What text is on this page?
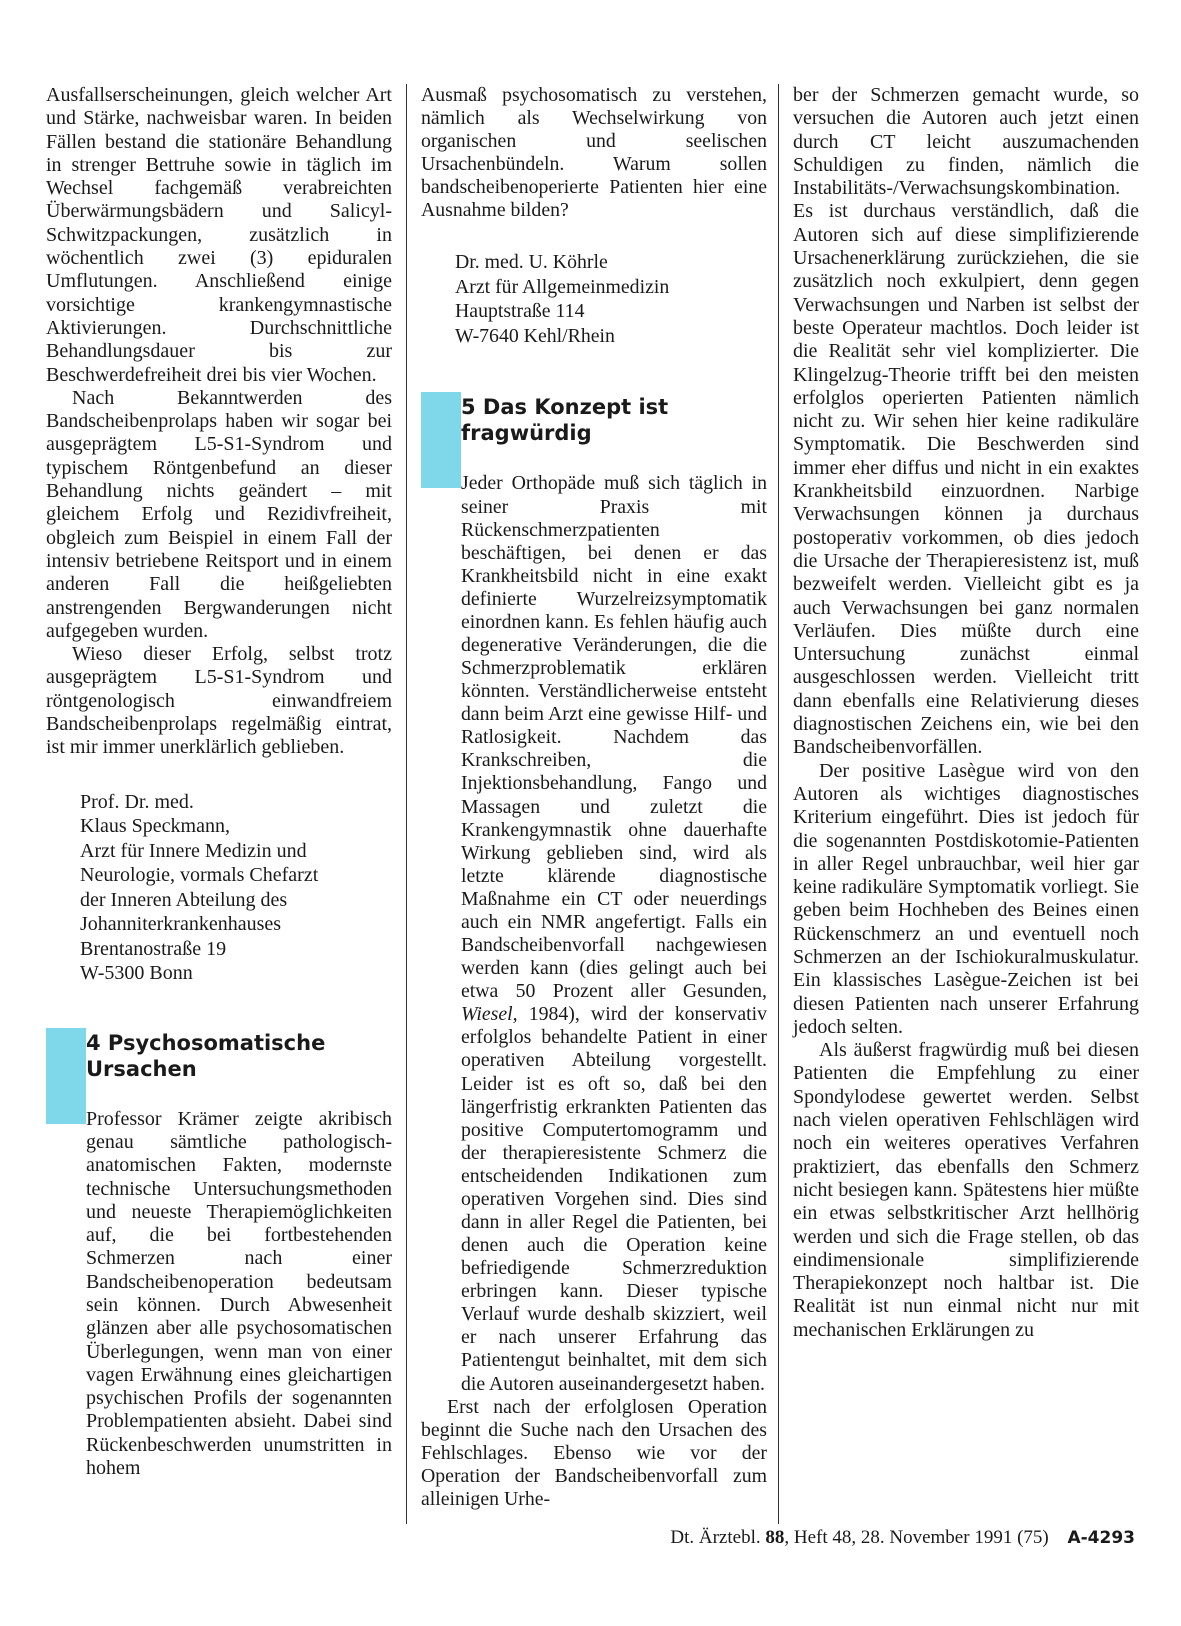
Ausfallserscheinungen, gleich welcher Art und Stärke, nachweisbar waren. In beiden Fällen bestand die stationäre Behandlung in strenger Bettruhe sowie in täglich im Wechsel fachgemäß verabreichten Überwärmungsbädern und Salicyl-Schwitzpackungen, zusätzlich in wöchentlich zwei (3) epiduralen Umflutungen. Anschließend einige vorsichtige krankengymnastische Aktivierungen. Durchschnittliche Behandlungsdauer bis zur Beschwerdefreiheit drei bis vier Wochen.

Nach Bekanntwerden des Bandscheibenprolaps haben wir sogar bei ausgeprägtem L5-S1-Syndrom und typischem Röntgenbefund an dieser Behandlung nichts geändert – mit gleichem Erfolg und Rezidivfreiheit, obgleich zum Beispiel in einem Fall der intensiv betriebene Reitsport und in einem anderen Fall die heißgeliebten anstrengenden Bergwanderungen nicht aufgegeben wurden.

Wieso dieser Erfolg, selbst trotz ausgeprägtem L5-S1-Syndrom und röntgenologisch einwandfreiem Bandscheibenprolaps regelmäßig eintrat, ist mir immer unerklärlich geblieben.

Prof. Dr. med.
Klaus Speckmann,
Arzt für Innere Medizin und
Neurologie, vormals Chefarzt
der Inneren Abteilung des
Johanniterkrankenhauses
Brentanostraße 19
W-5300 Bonn
4 Psychosomatische
Ursachen

Professor Krämer zeigte akribisch genau sämtliche pathologisch-anatomischen Fakten, modernste technische Untersuchungsmethoden und neueste Therapiemöglichkeiten auf, die bei fortbestehenden Schmerzen nach einer Bandscheibenoperation bedeutsam sein können. Durch Abwesenheit glänzen aber alle psychosomatischen Überlegungen, wenn man von einer vagen Erwähnung eines gleichartigen psychischen Profils der sogenannten Problempatienten absieht. Dabei sind Rückenbeschwerden unumstritten in hohem

Ausmaß psychosomatisch zu verstehen, nämlich als Wechselwirkung von organischen und seelischen Ursachenbündeln. Warum sollen bandscheibenoperierte Patienten hier eine Ausnahme bilden?

Dr. med. U. Köhrle
Arzt für Allgemeinmedizin
Hauptstraße 114
W-7640 Kehl/Rhein
5 Das Konzept ist
fragwürdig

Jeder Orthopäde muß sich täglich in seiner Praxis mit Rückenschmerzpatienten beschäftigen, bei denen er das Krankheitsbild nicht in eine exakt definierte Wurzelreizsymptomatik einordnen kann. Es fehlen häufig auch degenerative Veränderungen, die die Schmerzproblematik erklären könnten. Verständlicherweise entsteht dann beim Arzt eine gewisse Hilf- und Ratlosigkeit. Nachdem das Krankschreiben, die Injektionsbehandlung, Fango und Massagen und zuletzt die Krankengymnastik ohne dauerhafte Wirkung geblieben sind, wird als letzte klärende diagnostische Maßnahme ein CT oder neuerdings auch ein NMR angefertigt. Falls ein Bandscheibenvorfall nachgewiesen werden kann (dies gelingt auch bei etwa 50 Prozent aller Gesunden, Wiesel, 1984), wird der konservativ erfolglos behandelte Patient in einer operativen Abteilung vorgestellt. Leider ist es oft so, daß bei den längerfristig erkrankten Patienten das positive Computertomogramm und der therapieresistente Schmerz die entscheidenden Indikationen zum operativen Vorgehen sind. Dies sind dann in aller Regel die Patienten, bei denen auch die Operation keine befriedigende Schmerzreduktion erbringen kann. Dieser typische Verlauf wurde deshalb skizziert, weil er nach unserer Erfahrung das Patientengut beinhaltet, mit dem sich die Autoren auseinandergesetzt haben.

Erst nach der erfolglosen Operation beginnt die Suche nach den Ursachen des Fehlschlages. Ebenso wie vor der Operation der Bandscheibenvorfall zum alleinigen Urhe-

ber der Schmerzen gemacht wurde, so versuchen die Autoren auch jetzt einen durch CT leicht auszumachenden Schuldigen zu finden, nämlich die Instabilitäts-/Verwachsungskombination. Es ist durchaus verständlich, daß die Autoren sich auf diese simplifizierende Ursachenerklärung zurückziehen, die sie zusätzlich noch exkulpiert, denn gegen Verwachsungen und Narben ist selbst der beste Operateur machtlos. Doch leider ist die Realität sehr viel komplizierter. Die Klingelzug-Theorie trifft bei den meisten erfolglos operierten Patienten nämlich nicht zu. Wir sehen hier keine radikuläre Symptomatik. Die Beschwerden sind immer eher diffus und nicht in ein exaktes Krankheitsbild einzuordnen. Narbige Verwachsungen können ja durchaus postoperativ vorkommen, ob dies jedoch die Ursache der Therapieresistenz ist, muß bezweifelt werden. Vielleicht gibt es ja auch Verwachsungen bei ganz normalen Verläufen. Dies müßte durch eine Untersuchung zunächst einmal ausgeschlossen werden. Vielleicht tritt dann ebenfalls eine Relativierung dieses diagnostischen Zeichens ein, wie bei den Bandscheibenvorfällen.

Der positive Lasègue wird von den Autoren als wichtiges diagnostisches Kriterium eingeführt. Dies ist jedoch für die sogenannten Postdiskotomie-Patienten in aller Regel unbrauchbar, weil hier gar keine radikuläre Symptomatik vorliegt. Sie geben beim Hochheben des Beines einen Rückenschmerz an und eventuell noch Schmerzen an der Ischiokuralmuskulatur. Ein klassisches Lasègue-Zeichen ist bei diesen Patienten nach unserer Erfahrung jedoch selten.

Als äußerst fragwürdig muß bei diesen Patienten die Empfehlung zu einer Spondylodese gewertet werden. Selbst nach vielen operativen Fehlschlägen wird noch ein weiteres operatives Verfahren praktiziert, das ebenfalls den Schmerz nicht besiegen kann. Spätestens hier müßte ein etwas selbstkritischer Arzt hellhörig werden und sich die Frage stellen, ob das eindimensionale simplifizierende Therapiekonzept noch haltbar ist. Die Realität ist nun einmal nicht nur mit mechanischen Erklärungen zu

Dt. Ärztebl. 88, Heft 48, 28. November 1991 (75) A-4293
